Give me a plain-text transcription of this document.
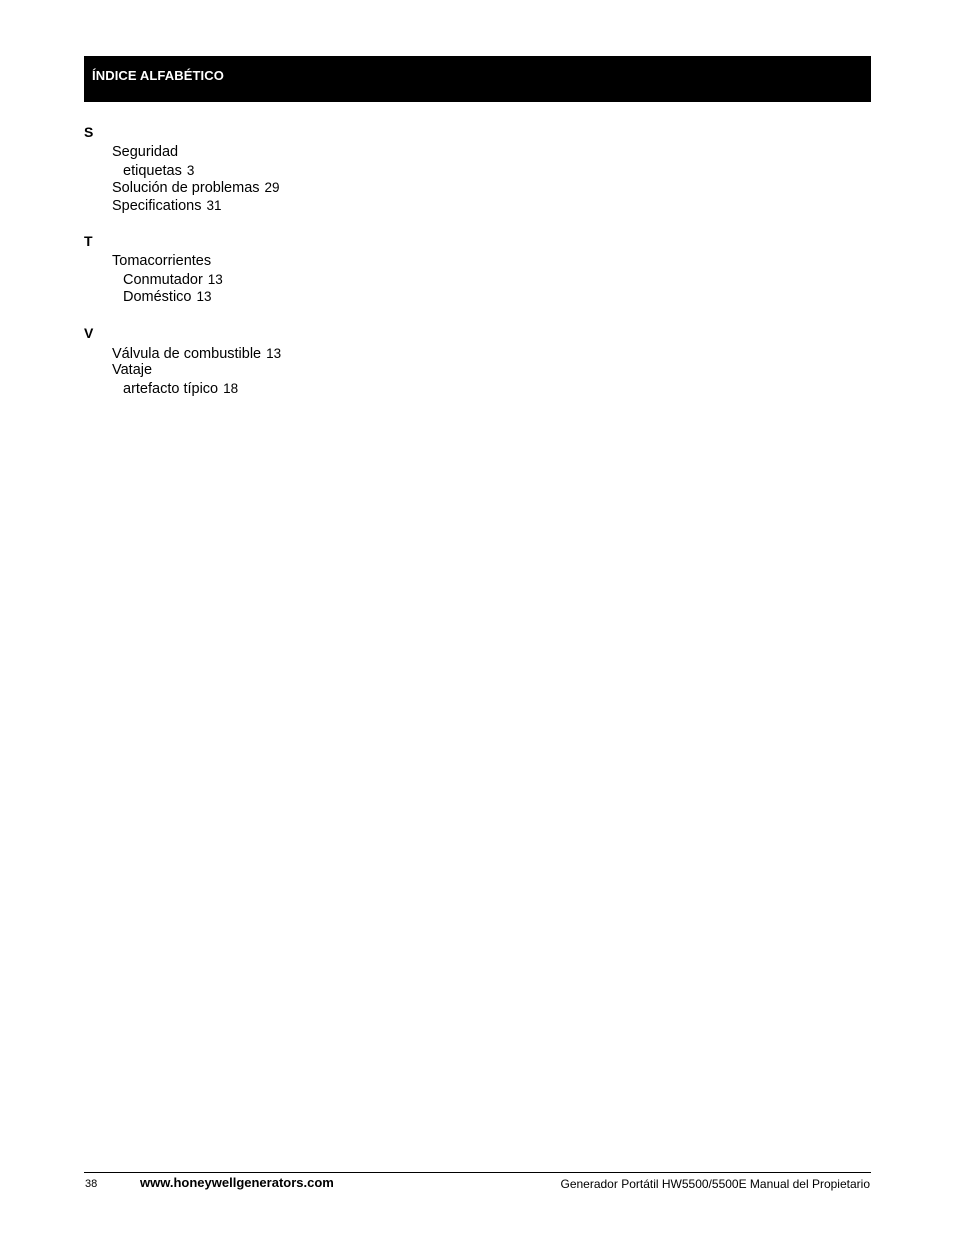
ÍNDICE ALFABÉTICO
S
Seguridad
etiquetas 3
Solución de problemas 29
Specifications 31
T
Tomacorrientes
Conmutador 13
Doméstico 13
V
Válvula de combustible 13
Vataje
artefacto típico 18
38	www.honeywellgenerators.com	Generador Portátil HW5500/5500E Manual del Propietario
